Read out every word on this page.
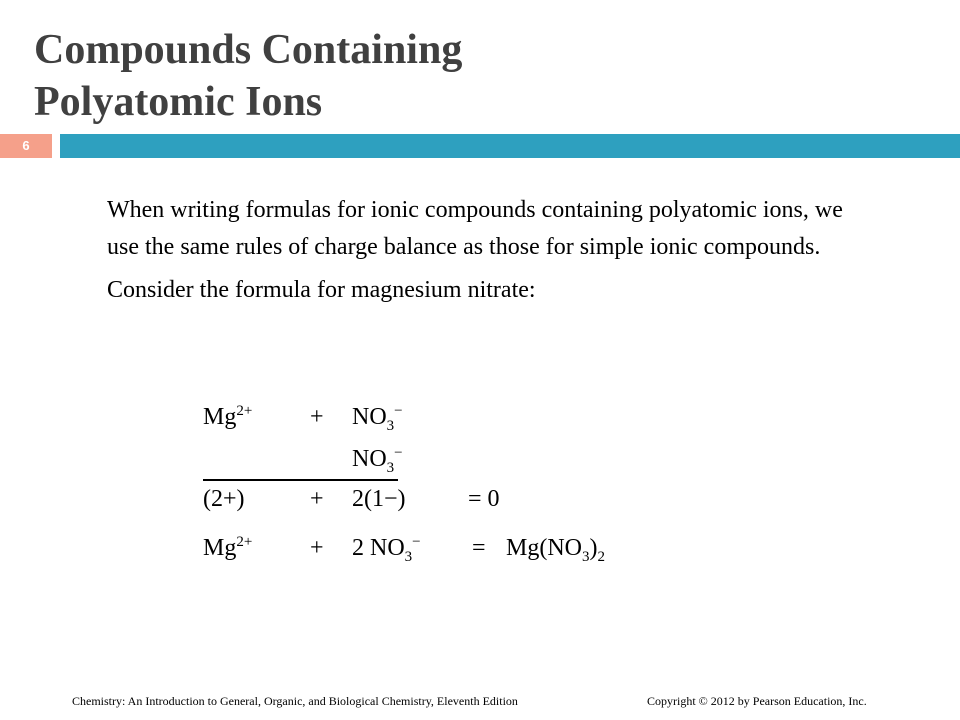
Compounds Containing
Polyatomic Ions
6

When writing formulas for ionic compounds containing polyatomic ions, we use the same rules of charge balance as those for simple ionic compounds.

Consider the formula for magnesium nitrate:

$Mg^{2+} + NO_3^-$
$NO_3^-$
(2+)	+ 2(1−)	= 0
$Mg^{2+} + 2$ $NO_3^- = Mg(NO_3)_2$
Chemistry: An Introduction to General, Organic, and Biological Chemistry, Eleventh Edition	Copyright © 2012 by Pearson Education, Inc.
